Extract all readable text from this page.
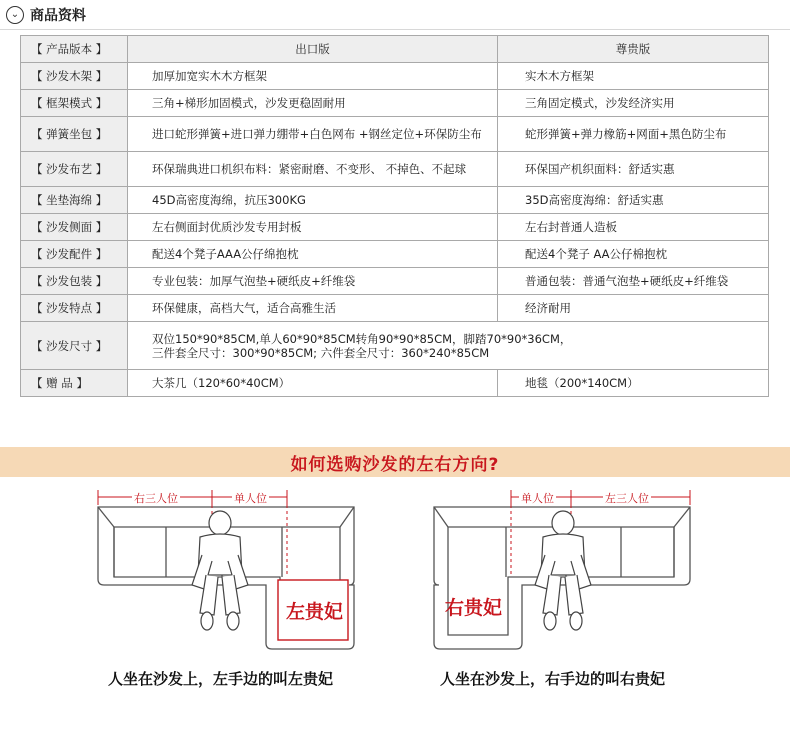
⌄ 商品资料
【 产品版本 】	出口版	尊贵版
【 沙发木架 】	加厚加宽实木木方框架	实木木方框架
【 框架模式 】	三角+梯形加固模式，沙发更稳固耐用	三角固定模式，沙发经济实用
【 弹簧坐包 】	进口蛇形弹簧+进口弹力绷带+白色网布 +钢丝定位+环保防尘布	蛇形弹簧+弹力橡筋+网面+黑色防尘布
【 沙发布艺 】	环保瑞典进口机织布料：紧密耐磨、不变形、 不掉色、不起球	环保国产机织面料：舒适实惠
【 坐垫海绵 】	45D高密度海绵，抗压300KG	35D高密度海绵：舒适实惠
【 沙发侧面 】	左右侧面封优质沙发专用封板	左右封普通人造板
【 沙发配件 】	配送4个凳子AAA公仔绵抱枕	配送4个凳子 AA公仔棉抱枕
【 沙发包装 】	专业包装：加厚气泡垫+硬纸皮+纤维袋	普通包装：普通气泡垫+硬纸皮+纤维袋
【 沙发特点 】	环保健康，高档大气，适合高雅生活	经济耐用
【 沙发尺寸 】	双位150*90*85CM,单人60*90*85CM转角90*90*85CM，脚踏70*90*36CM，
三件套全尺寸：300*90*85CM; 六件套全尺寸：360*240*85CM	

【 赠 品 】	大茶几（120*60*40CM）	地毯（200*140CM）
如何选购沙发的左右方向?
右三人位	单人位
左贵妃
人坐在沙发上，左手边的叫左贵妃
单人位	左三人位
右贵妃
人坐在沙发上，右手边的叫右贵妃
